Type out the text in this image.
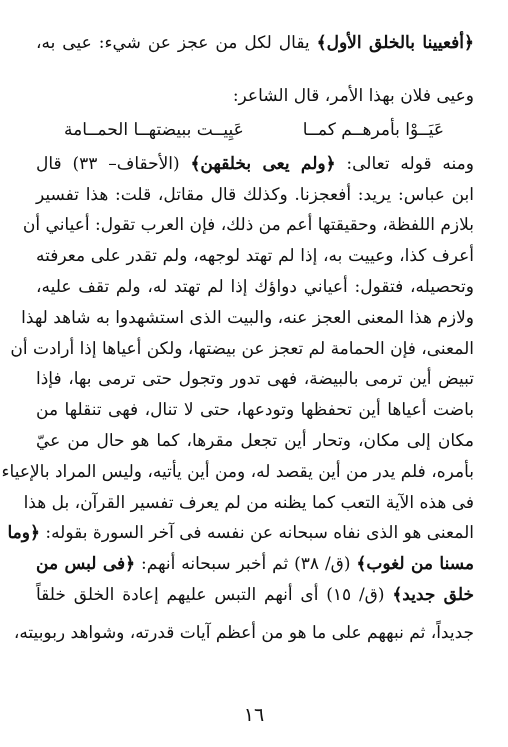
﴿أفعيينا بالخلق الأول﴾ يقال لكل من عجز عن شيء: عيى به،
وعيى فلان بهذا الأمر، قال الشاعر:
عَيَــوْا بأمرهــم كمــا
عَيِيــت ببيضتهــا الحمــامة
ومنه قوله تعالى: ﴿ولم يعى بخلقهن﴾ (الأحقاف– ٣٣) قال
ابن عباس: يريد: أفعجزنا. وكذلك قال مقاتل، قلت: هذا تفسير
بلازم اللفظة، وحقيقتها أعم من ذلك، فإن العرب تقول: أعياني أن
أعرف كذا، وعييت به، إذا لم تهتد لوجهه، ولم تقدر على معرفته
وتحصيله، فتقول: أعياني دواؤك إذا لم تهتد له، ولم تقف عليه،
ولازم هذا المعنى العجز عنه، والبيت الذى استشهدوا به شاهد لهذا
المعنى، فإن الحمامة لم تعجز عن بيضتها، ولكن أعياها إذا أرادت أن
تبيض أين ترمى بالبيضة، فهى تدور وتجول حتى ترمى بها، فإذا
باضت أعياها أين تحفظها وتودعها، حتى لا تنال، فهى تنقلها من
مكان إلى مكان، وتحار أين تجعل مقرها، كما هو حال من عيّ
بأمره، فلم يدر من أين يقصد له، ومن أين يأتيه، وليس المراد بالإعياء
فى هذه الآية التعب كما يظنه من لم يعرف تفسير القرآن، بل هذا
المعنى هو الذى نفاه سبحانه عن نفسه فى آخر السورة بقوله: ﴿وما
مسنا من لغوب﴾ (ق/ ٣٨) ثم أخبر سبحانه أنهم: ﴿فى لبس من
خلق جديد﴾ (ق/ ١٥) أى أنهم التبس عليهم إعادة الخلق خلقاً
جديداً، ثم نبههم على ما هو من أعظم آيات قدرته، وشواهد ربوبيته،
١٦
